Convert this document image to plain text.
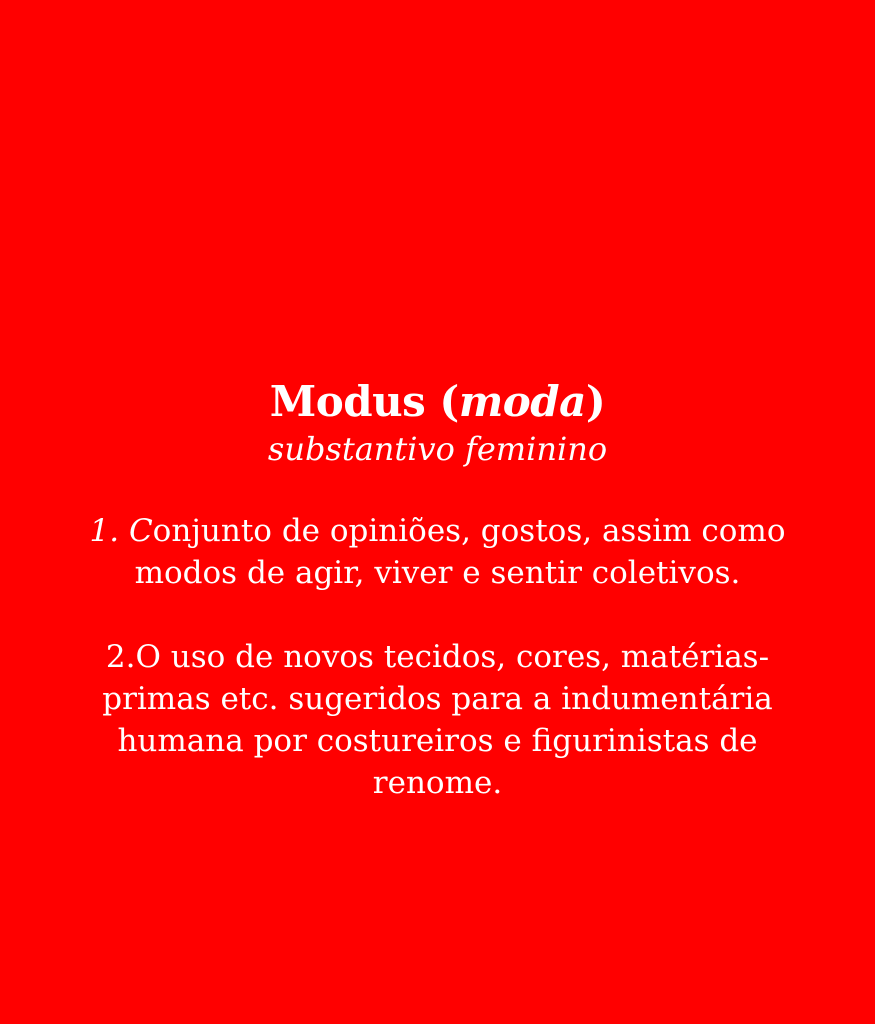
Modus (moda)
substantivo feminino
1. Conjunto de opiniões, gostos, assim como
modos de agir, viver e sentir coletivos.
2.O uso de novos tecidos, cores, matérias-
primas etc. sugeridos para a indumentária
humana por costureiros e figurinistas de
renome.
